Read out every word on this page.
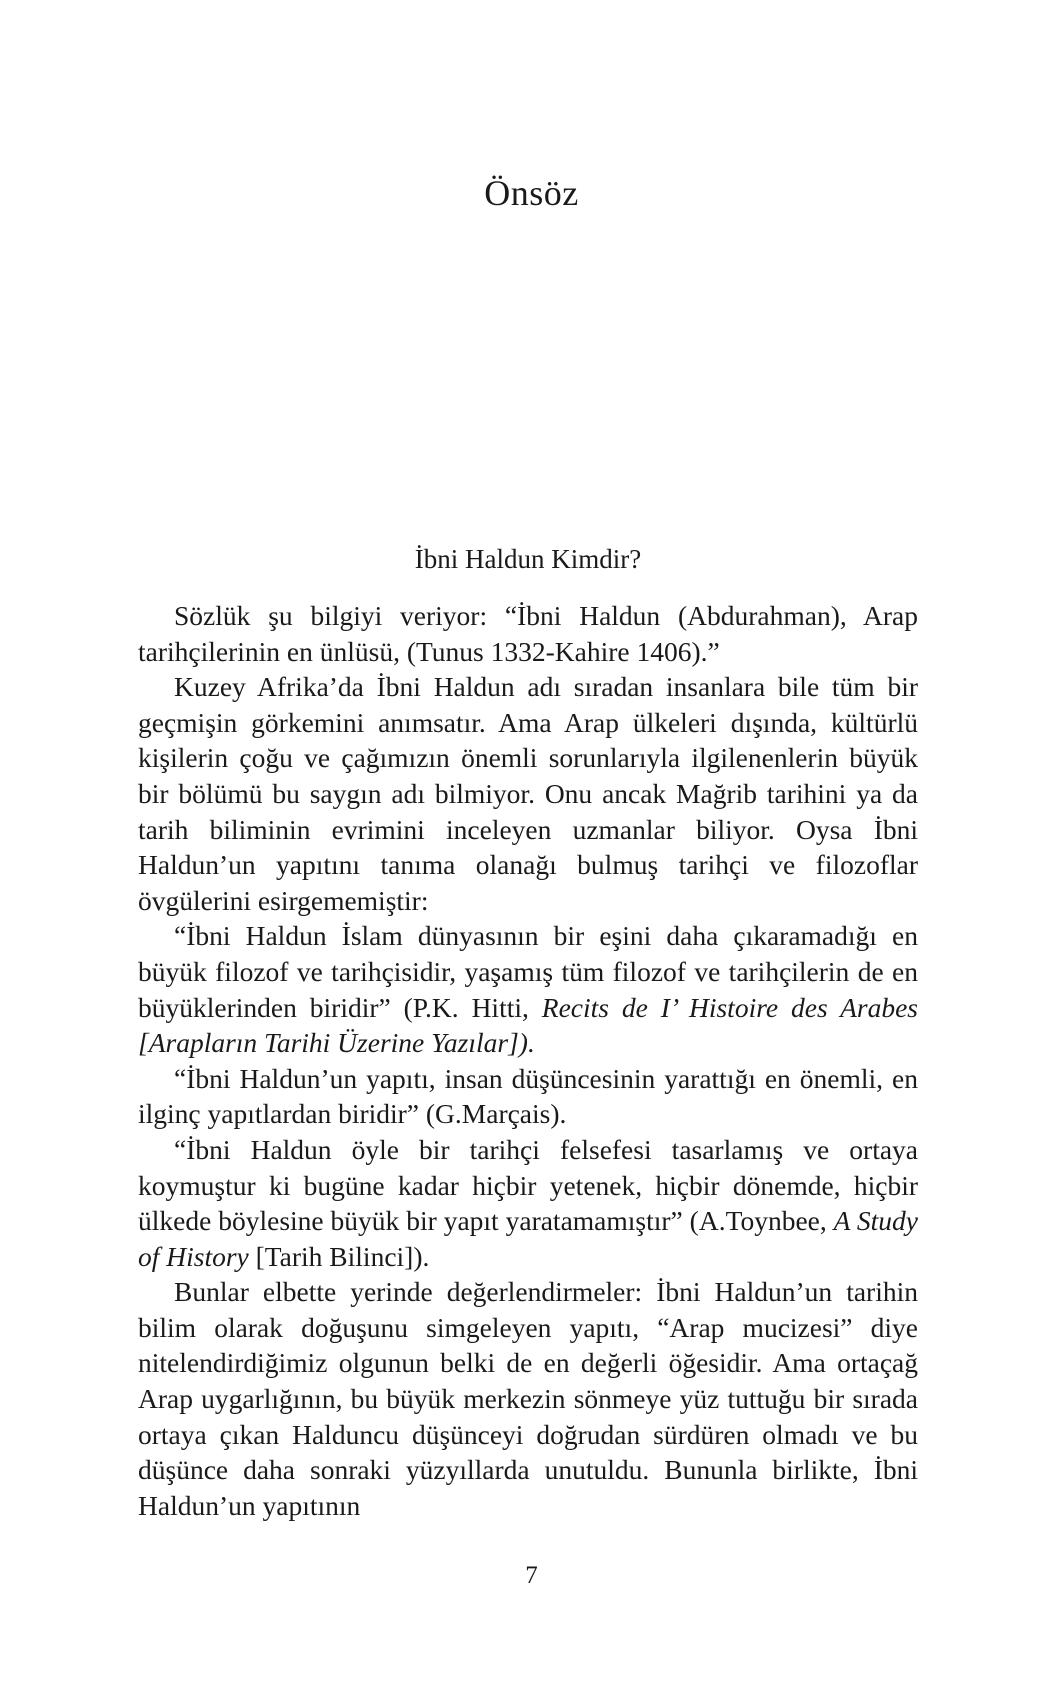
Önsöz
İbni Haldun Kimdir?

Sözlük şu bilgiyi veriyor: “İbni Haldun (Abdurahman), Arap tarihçilerinin en ünlüsü, (Tunus 1332-Kahire 1406).”

Kuzey Afrika’da İbni Haldun adı sıradan insanlara bile tüm bir geçmişin görkemini anımsatır. Ama Arap ülkeleri dışında, kültürlü kişilerin çoğu ve çağımızın önemli sorunlarıyla ilgilenenlerin büyük bir bölümü bu saygın adı bilmiyor. Onu ancak Mağrib tarihini ya da tarih biliminin evrimini inceleyen uzmanlar biliyor. Oysa İbni Haldun’un yapıtını tanıma olanağı bulmuş tarihçi ve filozoflar övgülerini esirgememiştir:

“İbni Haldun İslam dünyasının bir eşini daha çıkaramadığı en büyük filozof ve tarihçisidir, yaşamış tüm filozof ve tarihçilerin de en büyüklerinden biridir” (P.K. Hitti, Recits de I’ Histoire des Arabes [Arapların Tarihi Üzerine Yazılar]).

“İbni Haldun’un yapıtı, insan düşüncesinin yarattığı en önemli, en ilginç yapıtlardan biridir” (G.Marçais).

“İbni Haldun öyle bir tarihçi felsefesi tasarlamış ve ortaya koymuştur ki bugüne kadar hiçbir yetenek, hiçbir dönemde, hiçbir ülkede böylesine büyük bir yapıt yaratamamıştır” (A.Toynbee, A Study of History [Tarih Bilinci]).

Bunlar elbette yerinde değerlendirmeler: İbni Haldun’un tarihin bilim olarak doğuşunu simgeleyen yapıtı, “Arap mucizesi” diye nitelendirdiğimiz olgunun belki de en değerli öğesidir. Ama ortaçağ Arap uygarlığının, bu büyük merkezin sönmeye yüz tuttuğu bir sırada ortaya çıkan Halduncu düşünceyi doğrudan sürdüren olmadı ve bu düşünce daha sonraki yüzyıllarda unutuldu. Bununla birlikte, İbni Haldun’un yapıtının

7
